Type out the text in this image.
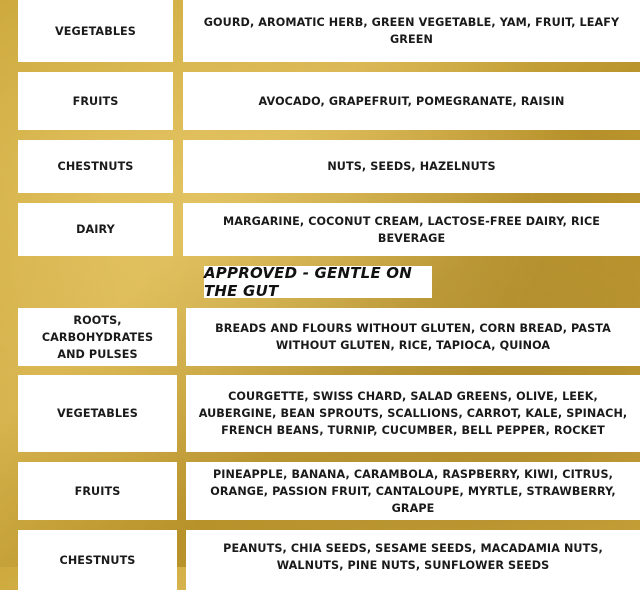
VEGETABLES
GOURD, AROMATIC HERB, GREEN VEGETABLE, YAM, FRUIT, LEAFY GREEN
FRUITS	AVOCADO, GRAPEFRUIT, POMEGRANATE, RAISIN
CHESTNUTS	NUTS, SEEDS, HAZELNUTS
DAIRY
MARGARINE, COCONUT CREAM, LACTOSE-FREE DAIRY, RICE BEVERAGE
APPROVED - GENTLE ON THE GUT
ROOTS, CARBOHYDRATES AND PULSES
BREADS AND FLOURS WITHOUT GLUTEN, CORN BREAD, PASTA WITHOUT GLUTEN, RICE, TAPIOCA, QUINOA
VEGETABLES
COURGETTE, SWISS CHARD, SALAD GREENS, OLIVE, LEEK, AUBERGINE, BEAN SPROUTS, SCALLIONS, CARROT, KALE, SPINACH, FRENCH BEANS, TURNIP, CUCUMBER, BELL PEPPER, ROCKET
FRUITS
PINEAPPLE, BANANA, CARAMBOLA, RASPBERRY, KIWI, CITRUS, ORANGE, PASSION FRUIT, CANTALOUPE, MYRTLE, STRAWBERRY, GRAPE
CHESTNUTS
PEANUTS, CHIA SEEDS, SESAME SEEDS, MACADAMIA NUTS, WALNUTS, PINE NUTS, SUNFLOWER SEEDS
